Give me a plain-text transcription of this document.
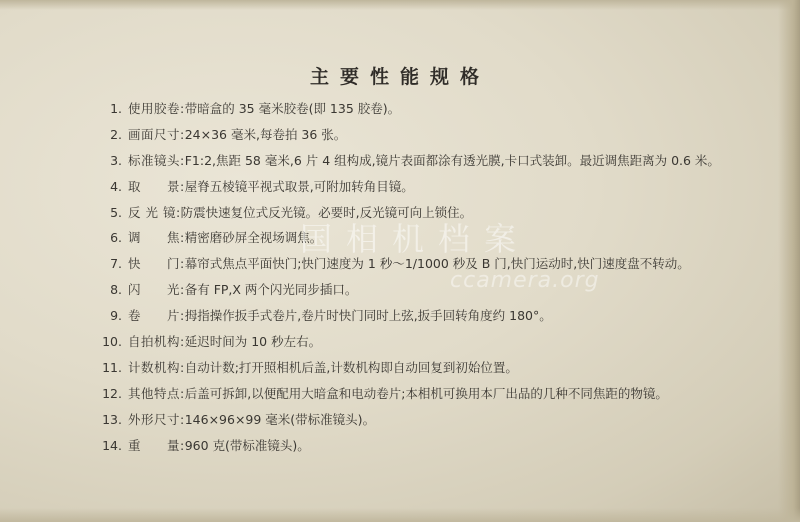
主要性能规格
1. 使用胶卷:带暗盒的 35 毫米胶卷(即 135 胶卷)。
2. 画面尺寸:24×36 毫米,每卷拍 36 张。
3. 标准镜头:F1:2,焦距 58 毫米,6 片 4 组构成,镜片表面都涂有透光膜,卡口式装卸。最近调焦距离为 0.6 米。
4. 取　　景:屋脊五棱镜平视式取景,可附加转角目镜。
5. 反 光 镜:防震快速复位式反光镜。必要时,反光镜可向上锁住。
6. 调　　焦:精密磨砂屏全视场调焦。
7. 快　　门:幕帘式焦点平面快门;快门速度为 1 秒～1/1000 秒及 B 门,快门运动时,快门速度盘不转动。
8. 闪　　光:备有 FP,X 两个闪光同步插口。
9. 卷　　片:拇指操作扳手式卷片,卷片时快门同时上弦,扳手回转角度约 180°。
10. 自拍机构:延迟时间为 10 秒左右。
11. 计数机构:自动计数;打开照相机后盖,计数机构即自动回复到初始位置。
12. 其他特点:后盖可拆卸,以便配用大暗盒和电动卷片;本相机可换用本厂出品的几种不同焦距的物镜。
13. 外形尺寸:146×96×99 毫米(带标准镜头)。
14. 重　　量:960 克(带标准镜头)。
国相机档案
ccamera.org
